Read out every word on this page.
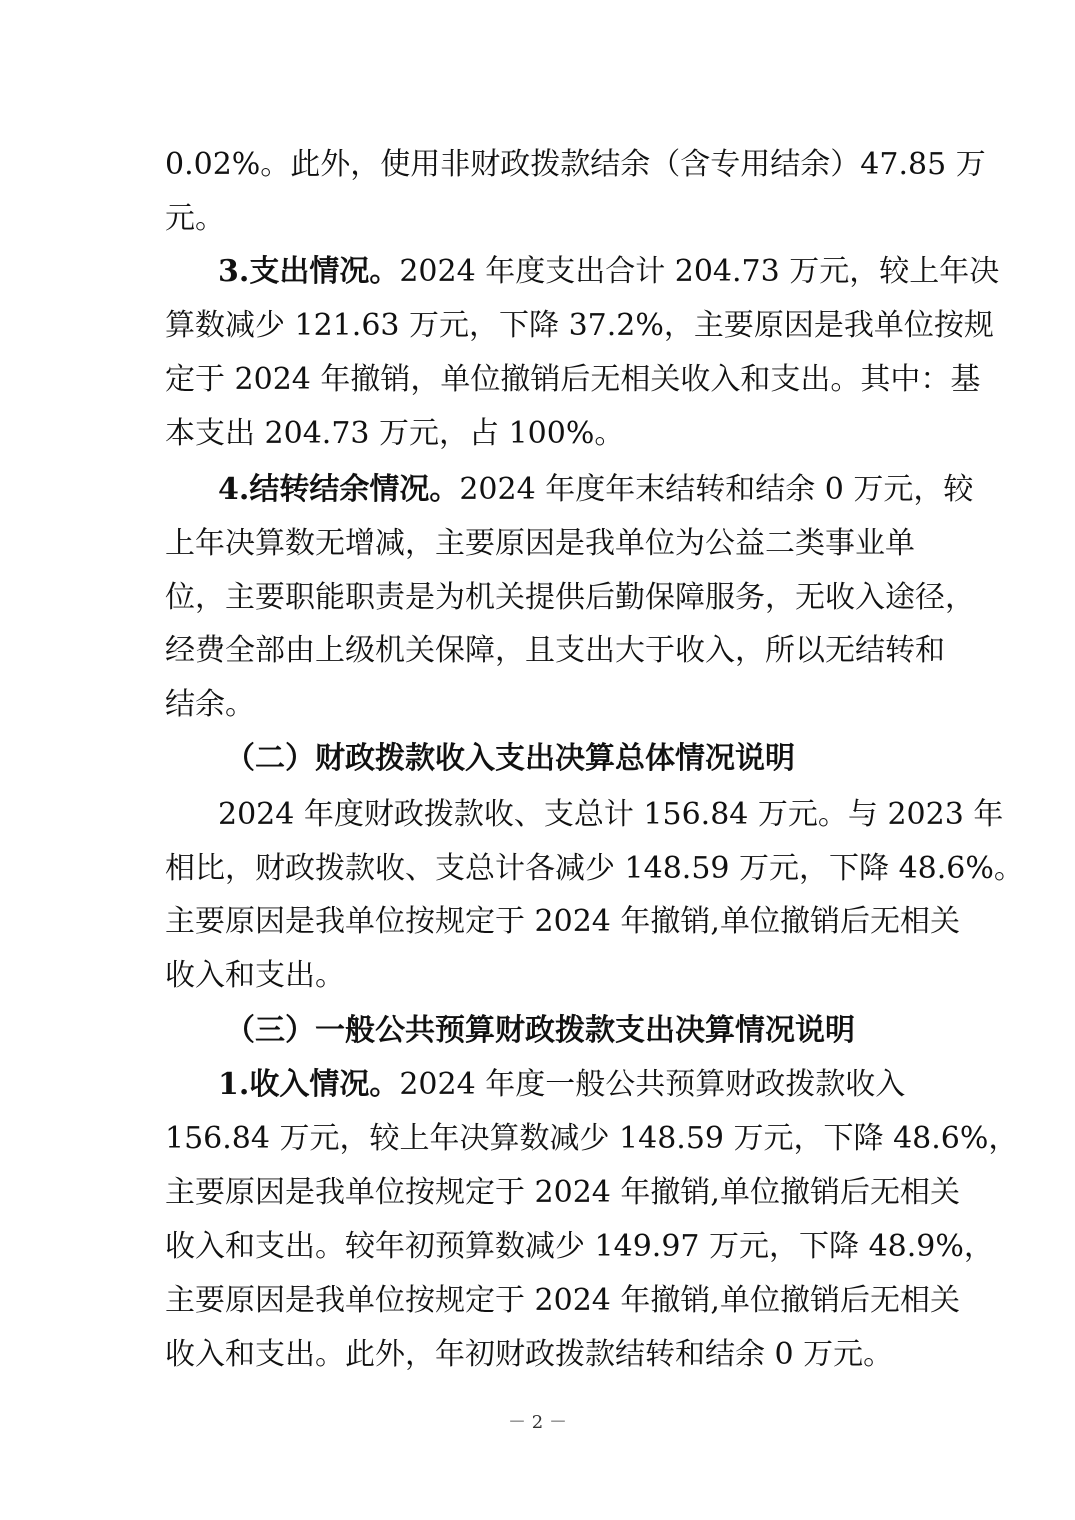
0.02%。此外，使用非财政拨款结余（含专用结余）47.85 万
元。
3.支出情况。2024 年度支出合计 204.73 万元，较上年决
算数减少 121.63 万元，下降 37.2%，主要原因是我单位按规
定于 2024 年撤销，单位撤销后无相关收入和支出。其中：基
本支出 204.73 万元，占 100%。
4.结转结余情况。2024 年度年末结转和结余 0 万元，较
上年决算数无增减，主要原因是我单位为公益二类事业单
位，主要职能职责是为机关提供后勤保障服务，无收入途径，
经费全部由上级机关保障，且支出大于收入，所以无结转和
结余。
（二）财政拨款收入支出决算总体情况说明
2024 年度财政拨款收、支总计 156.84 万元。与 2023 年
相比，财政拨款收、支总计各减少 148.59 万元，下降 48.6%。
主要原因是我单位按规定于 2024 年撤销,单位撤销后无相关
收入和支出。
（三）一般公共预算财政拨款支出决算情况说明
1.收入情况。2024 年度一般公共预算财政拨款收入
156.84 万元，较上年决算数减少 148.59 万元，下降 48.6%，
主要原因是我单位按规定于 2024 年撤销,单位撤销后无相关
收入和支出。较年初预算数减少 149.97 万元，下降 48.9%，
主要原因是我单位按规定于 2024 年撤销,单位撤销后无相关
收入和支出。此外，年初财政拨款结转和结余 0 万元。
－ 2 －
